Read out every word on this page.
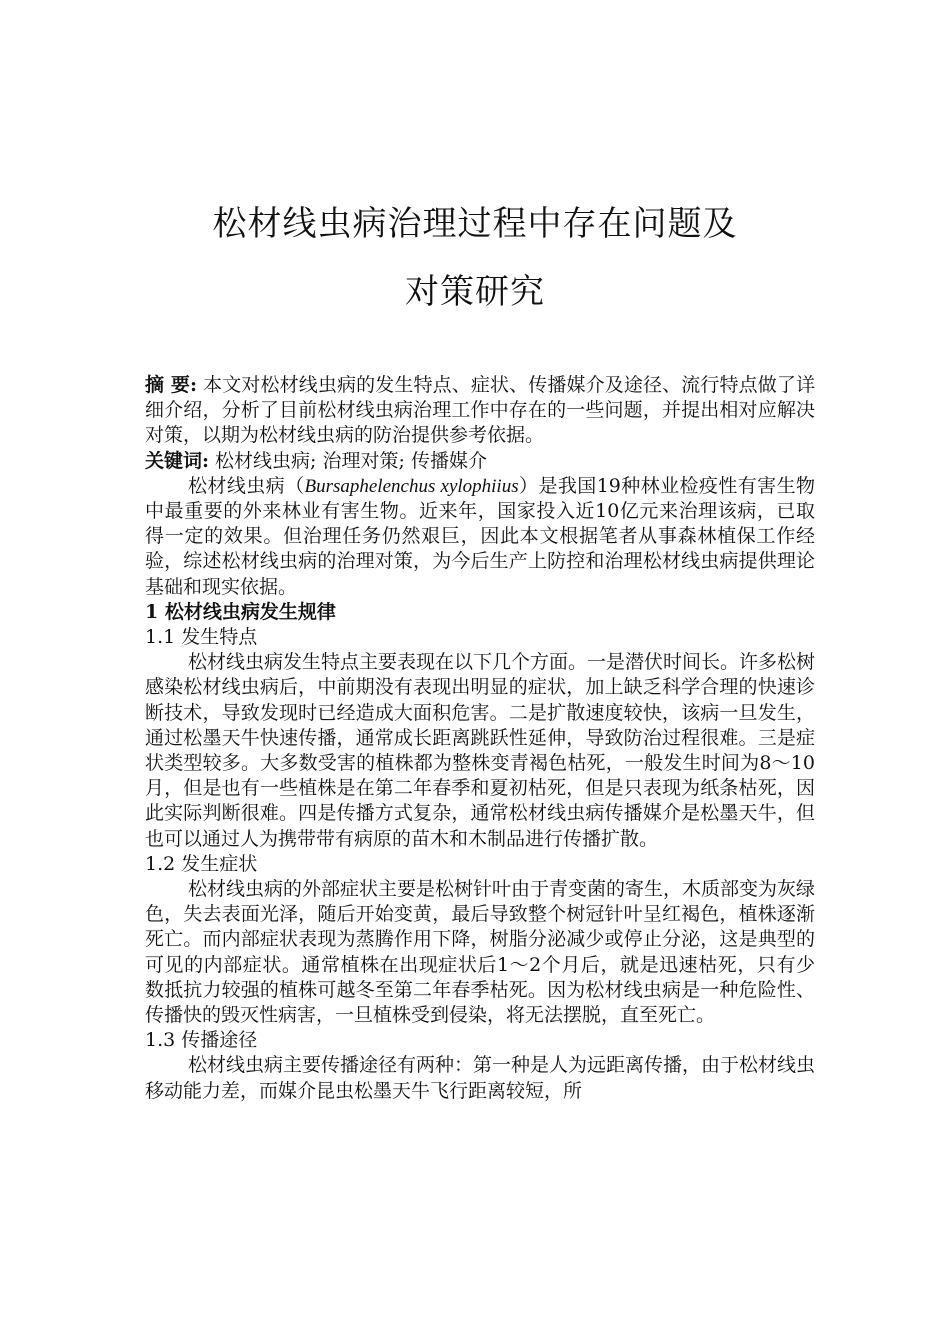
松材线虫病治理过程中存在问题及
对策研究

摘 要: 本文对松材线虫病的发生特点、症状、传播媒介及途径、流行特点做了详细介绍，分析了目前松材线虫病治理工作中存在的一些问题，并提出相对应解决对策，以期为松材线虫病的防治提供参考依据。

关键词: 松材线虫病; 治理对策; 传播媒介

松材线虫病（Bursaphelenchus xylophiius）是我国19种林业检疫性有害生物中最重要的外来林业有害生物。近来年，国家投入近10亿元来治理该病，已取得一定的效果。但治理任务仍然艰巨，因此本文根据笔者从事森林植保工作经验，综述松材线虫病的治理对策，为今后生产上防控和治理松材线虫病提供理论基础和现实依据。

1 松材线虫病发生规律

1.1 发生特点

松材线虫病发生特点主要表现在以下几个方面。一是潜伏时间长。许多松树感染松材线虫病后，中前期没有表现出明显的症状，加上缺乏科学合理的快速诊断技术，导致发现时已经造成大面积危害。二是扩散速度较快，该病一旦发生，通过松墨天牛快速传播，通常成长距离跳跃性延伸，导致防治过程很难。三是症状类型较多。大多数受害的植株都为整株变青褐色枯死，一般发生时间为8～10月，但是也有一些植株是在第二年春季和夏初枯死，但是只表现为纸条枯死，因此实际判断很难。四是传播方式复杂，通常松材线虫病传播媒介是松墨天牛，但也可以通过人为携带带有病原的苗木和木制品进行传播扩散。

1.2 发生症状

松材线虫病的外部症状主要是松树针叶由于青变菌的寄生，木质部变为灰绿色，失去表面光泽，随后开始变黄，最后导致整个树冠针叶呈红褐色，植株逐渐死亡。而内部症状表现为蒸腾作用下降，树脂分泌减少或停止分泌，这是典型的可见的内部症状。通常植株在出现症状后1～2个月后，就是迅速枯死，只有少数抵抗力较强的植株可越冬至第二年春季枯死。因为松材线虫病是一种危险性、传播快的毁灭性病害，一旦植株受到侵染，将无法摆脱，直至死亡。

1.3 传播途径

松材线虫病主要传播途径有两种：第一种是人为远距离传播，由于松材线虫移动能力差，而媒介昆虫松墨天牛飞行距离较短，所
